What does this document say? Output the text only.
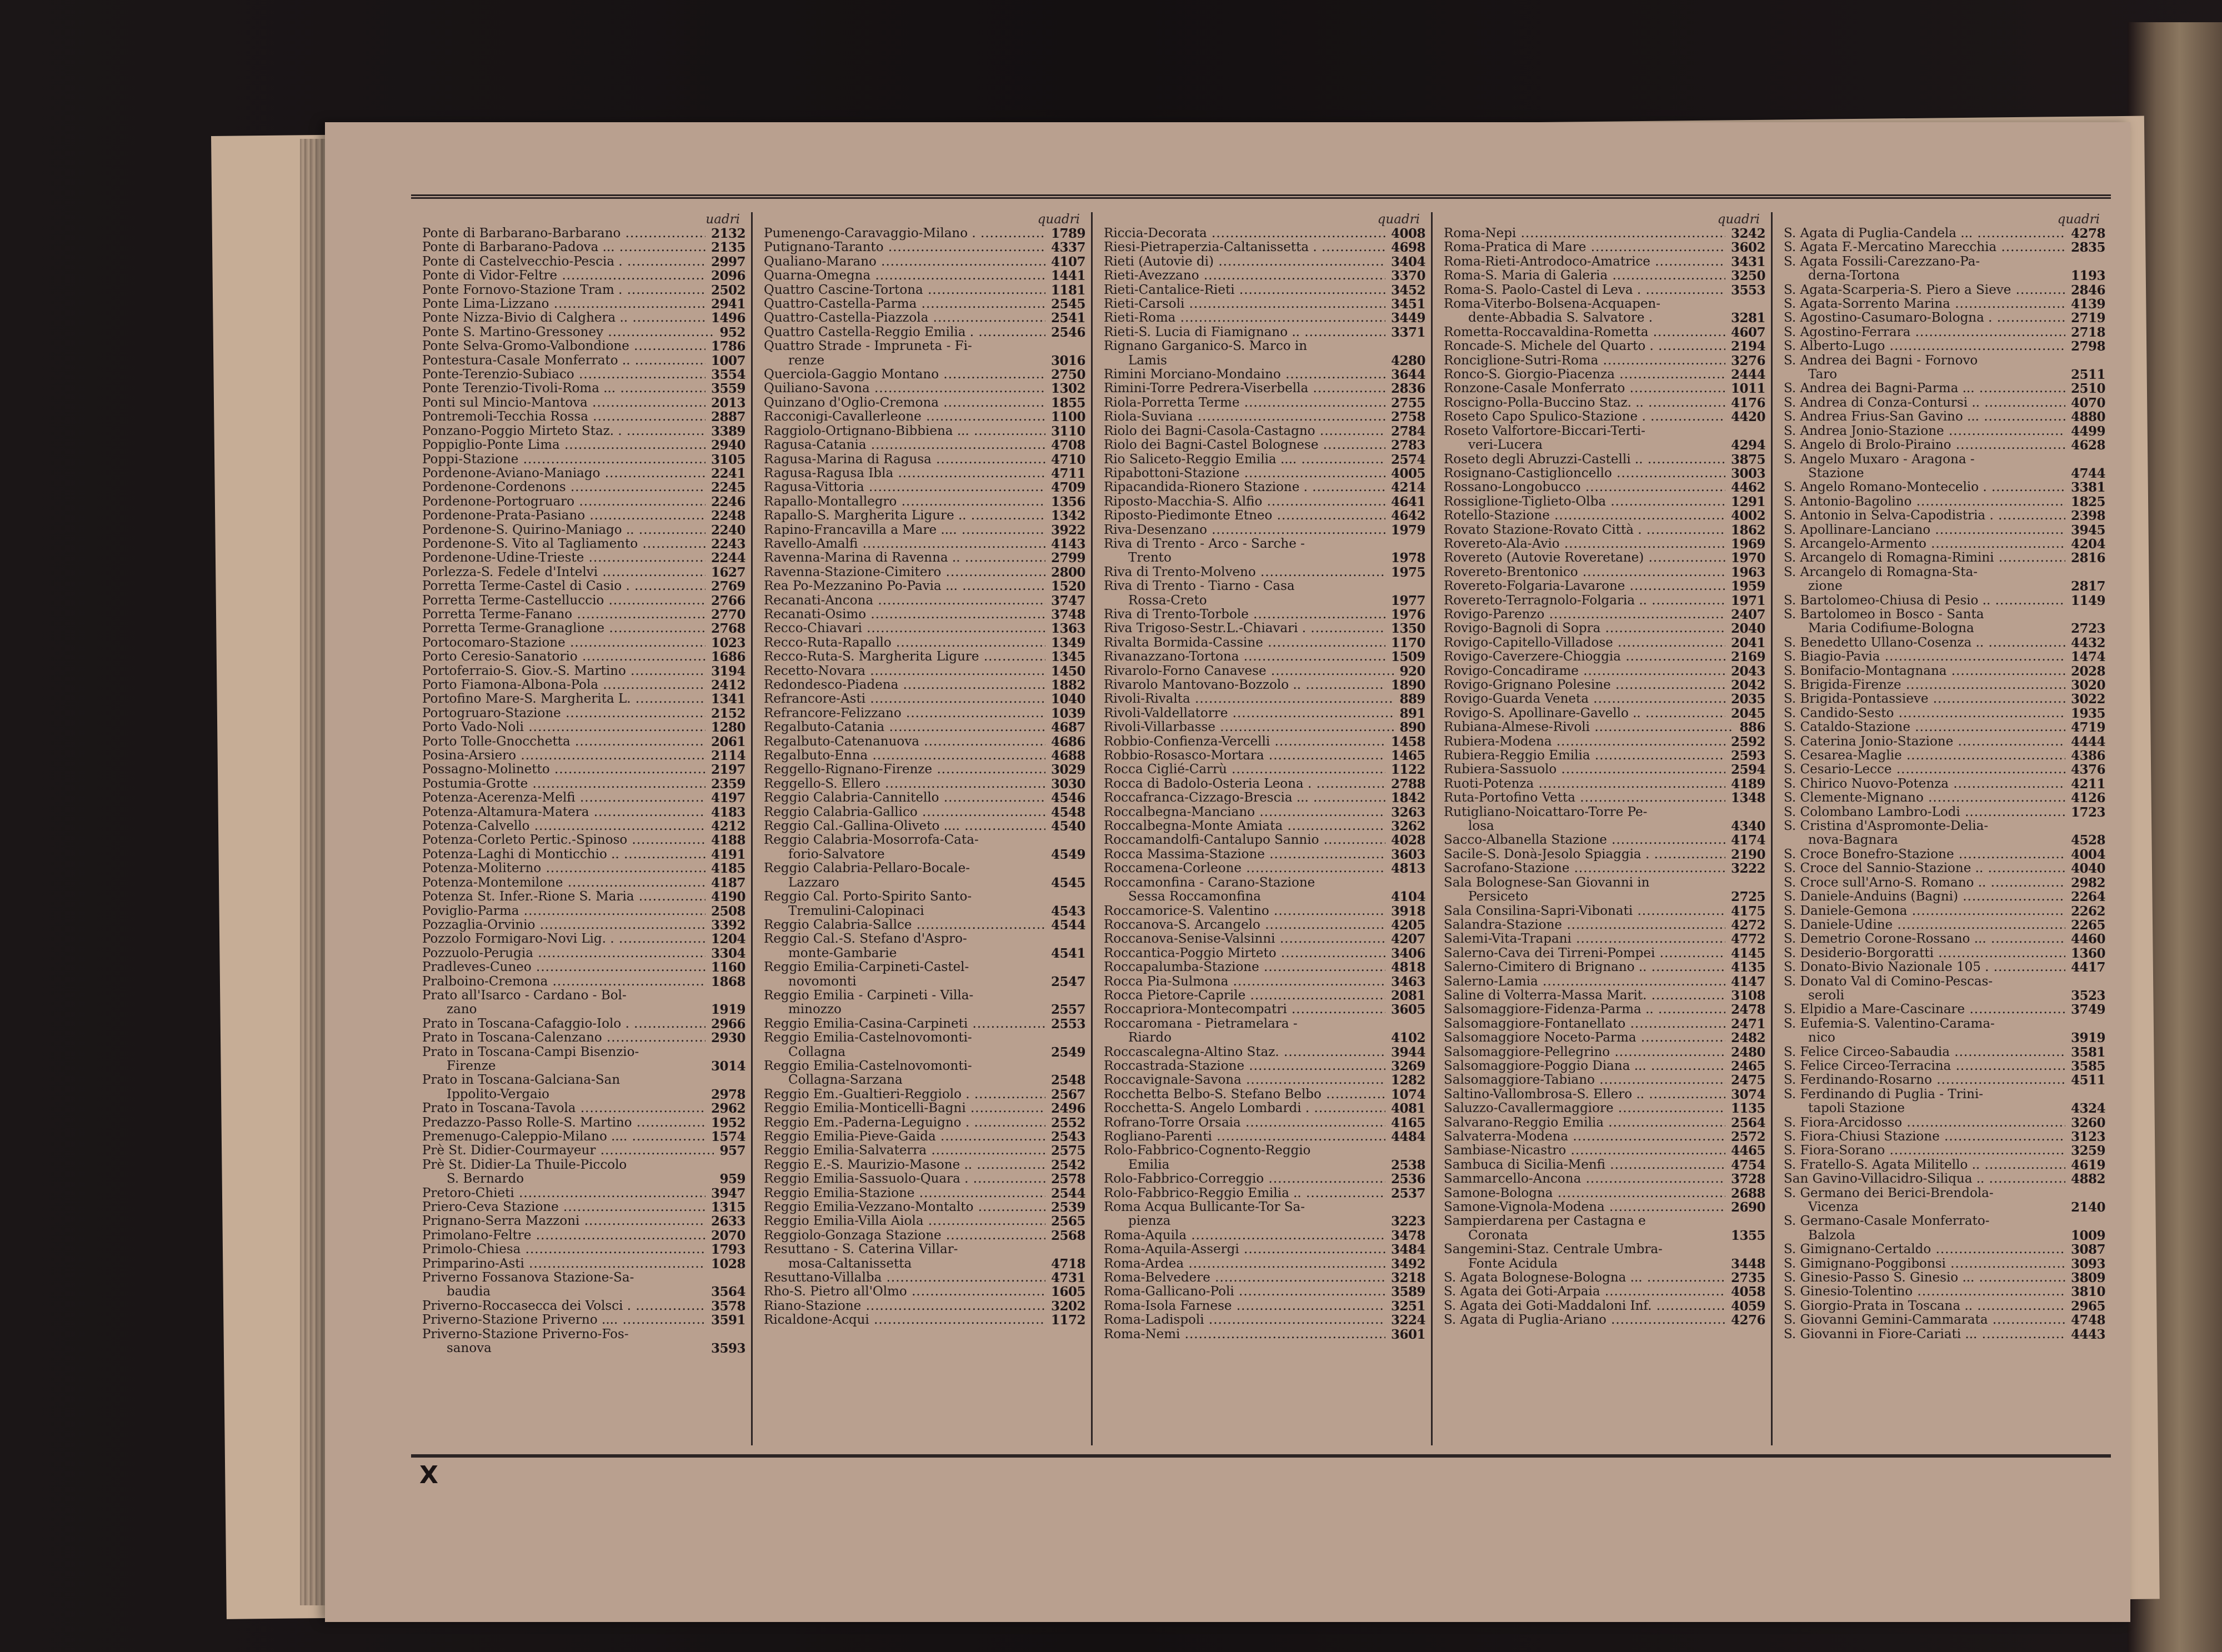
uadri
Ponte di Barbarano-Barbarano .....	2132
Ponte di Barbarano-Padova ... .....	2135
Ponte di Castelvecchio-Pescia . .....	2997
Ponte di Vidor-Feltre .....	2096
Ponte Fornovo-Stazione Tram . .....	2502
Ponte Lima-Lizzano .....	2941
Ponte Nizza-Bivio di Calghera .. .....	1496
Ponte S. Martino-Gressoney .....	952
Ponte Selva-Gromo-Valbondione .....	1786
Pontestura-Casale Monferrato .. .....	1007
Ponte-Terenzio-Subiaco .....	3554
Ponte Terenzio-Tivoli-Roma ... .....	3559
Ponti sul Mincio-Mantova .....	2013
Pontremoli-Tecchia Rossa .....	2887
Ponzano-Poggio Mirteto Staz. . .....	3389
Poppiglio-Ponte Lima .....	2940
Poppi-Stazione .....	3105
Pordenone-Aviano-Maniago .....	2241
Pordenone-Cordenons .....	2245
Pordenone-Portogruaro .....	2246
Pordenone-Prata-Pasiano .....	2248
Pordenone-S. Quirino-Maniago .. .....	2240
Pordenone-S. Vito al Tagliamento .....	2243
Pordenone-Udine-Trieste .....	2244
Porlezza-S. Fedele d'Intelvi .....	1627
Porretta Terme-Castel di Casio . .....	2769
Porretta Terme-Castelluccio .....	2766
Porretta Terme-Fanano .....	2770
Porretta Terme-Granaglione .....	2768
Portocomaro-Stazione .....	1023
Porto Ceresio-Sanatorio .....	1686
Portoferraio-S. Giov.-S. Martino .....	3194
Porto Fiamona-Albona-Pola .....	2412
Portofino Mare-S. Margherita L. .....	1341
Portogruaro-Stazione .....	2152
Porto Vado-Noli .....	1280
Porto Tolle-Gnocchetta .....	2061
Posina-Arsiero .....	2114
Possagno-Molinetto .....	2197
Postumia-Grotte .....	2359
Potenza-Acerenza-Melfi .....	4197
Potenza-Altamura-Matera .....	4183
Potenza-Calvello .....	4212
Potenza-Corleto Pertic.-Spinoso .....	4188
Potenza-Laghi di Monticchio .. .....	4191
Potenza-Moliterno .....	4185
Potenza-Montemilone .....	4187
Potenza St. Infer.-Rione S. Maria .....	4190
Poviglio-Parma .....	2508
Pozzaglia-Orvinio .....	3392
Pozzolo Formigaro-Novi Lig. . .....	1204
Pozzuolo-Perugia .....	3304
Pradleves-Cuneo .....	1160
Pralboino-Cremona .....	1868
Prato all'Isarco - Cardano - Bol-
zano	1919
Prato in Toscana-Cafaggio-Iolo . .....	2966
Prato in Toscana-Calenzano .....	2930
Prato in Toscana-Campi Bisenzio-
Firenze	3014
Prato in Toscana-Galciana-San
Ippolito-Vergaio	2978
Prato in Toscana-Tavola .....	2962
Predazzo-Passo Rolle-S. Martino .....	1952
Premenugo-Caleppio-Milano .... .....	1574
Prè St. Didier-Courmayeur .....	957
Prè St. Didier-La Thuile-Piccolo
S. Bernardo	959
Pretoro-Chieti .....	3947
Priero-Ceva Stazione .....	1315
Prignano-Serra Mazzoni .....	2633
Primolano-Feltre .....	2070
Primolo-Chiesa .....	1793
Primparino-Asti .....	1028
Priverno Fossanova Stazione-Sa-
baudia	3564
Priverno-Roccasecca dei Volsci . .....	3578
Priverno-Stazione Priverno .... .....	3591
Priverno-Stazione Priverno-Fos-
sanova	3593
quadri
Pumenengo-Caravaggio-Milano . .....	1789
Putignano-Taranto .....	4337
Qualiano-Marano .....	4107
Quarna-Omegna .....	1441
Quattro Cascine-Tortona .....	1181
Quattro-Castella-Parma .....	2545
Quattro-Castella-Piazzola .....	2541
Quattro Castella-Reggio Emilia . .....	2546
Quattro Strade - Impruneta - Fi-
renze	3016
Querciola-Gaggio Montano .....	2750
Quiliano-Savona .....	1302
Quinzano d'Oglio-Cremona .....	1855
Racconigi-Cavallerleone .....	1100
Raggiolo-Ortignano-Bibbiena ... .....	3110
Ragusa-Catania .....	4708
Ragusa-Marina di Ragusa .....	4710
Ragusa-Ragusa Ibla .....	4711
Ragusa-Vittoria .....	4709
Rapallo-Montallegro .....	1356
Rapallo-S. Margherita Ligure .. .....	1342
Rapino-Francavilla a Mare .... .....	3922
Ravello-Amalfi .....	4143
Ravenna-Marina di Ravenna .. .....	2799
Ravenna-Stazione-Cimitero .....	2800
Rea Po-Mezzanino Po-Pavia ... .....	1520
Recanati-Ancona .....	3747
Recanati-Osimo .....	3748
Recco-Chiavari .....	1363
Recco-Ruta-Rapallo .....	1349
Recco-Ruta-S. Margherita Ligure .....	1345
Recetto-Novara .....	1450
Redondesco-Piadena .....	1882
Refrancore-Asti .....	1040
Refrancore-Felizzano .....	1039
Regalbuto-Catania .....	4687
Regalbuto-Catenanuova .....	4686
Regalbuto-Enna .....	4688
Reggello-Rignano-Firenze .....	3029
Reggello-S. Ellero .....	3030
Reggio Calabria-Cannitello .....	4546
Reggio Calabria-Gallico .....	4548
Reggio Cal.-Gallina-Oliveto .... .....	4540
Reggio Calabria-Mosorrofa-Cata-
forio-Salvatore	4549
Reggio Calabria-Pellaro-Bocale-
Lazzaro	4545
Reggio Cal. Porto-Spirito Santo-
Tremulini-Calopinaci	4543
Reggio Calabria-Sallce .....	4544
Reggio Cal.-S. Stefano d'Aspro-
monte-Gambarie	4541
Reggio Emilia-Carpineti-Castel-
novomonti	2547
Reggio Emilia - Carpineti - Villa-
minozzo	2557
Reggio Emilia-Casina-Carpineti .....	2553
Reggio Emilia-Castelnovomonti-
Collagna	2549
Reggio Emilia-Castelnovomonti-
Collagna-Sarzana	2548
Reggio Em.-Gualtieri-Reggiolo . .....	2567
Reggio Emilia-Monticelli-Bagni .....	2496
Reggio Em.-Paderna-Leguigno . .....	2552
Reggio Emilia-Pieve-Gaida .....	2543
Reggio Emilia-Salvaterra .....	2575
Reggio E.-S. Maurizio-Masone .. .....	2542
Reggio Emilia-Sassuolo-Quara . .....	2578
Reggio Emilia-Stazione .....	2544
Reggio Emilia-Vezzano-Montalto .....	2539
Reggio Emilia-Villa Aiola .....	2565
Reggiolo-Gonzaga Stazione .....	2568
Resuttano - S. Caterina Villar-
mosa-Caltanissetta	4718
Resuttano-Villalba .....	4731
Rho-S. Pietro all'Olmo .....	1605
Riano-Stazione .....	3202
Ricaldone-Acqui .....	1172
quadri
Riccia-Decorata .....	4008
Riesi-Pietraperzia-Caltanissetta . .....	4698
Rieti (Autovie di) .....	3404
Rieti-Avezzano .....	3370
Rieti-Cantalice-Rieti .....	3452
Rieti-Carsoli .....	3451
Rieti-Roma .....	3449
Rieti-S. Lucia di Fiamignano .. .....	3371
Rignano Garganico-S. Marco in
Lamis	4280
Rimini Morciano-Mondaino .....	3644
Rimini-Torre Pedrera-Viserbella .....	2836
Riola-Porretta Terme .....	2755
Riola-Suviana .....	2758
Riolo dei Bagni-Casola-Castagno .....	2784
Riolo dei Bagni-Castel Bolognese .....	2783
Rio Saliceto-Reggio Emilia .... .....	2574
Ripabottoni-Stazione .....	4005
Ripacandida-Rionero Stazione . .....	4214
Riposto-Macchia-S. Alfio .....	4641
Riposto-Piedimonte Etneo .....	4642
Riva-Desenzano .....	1979
Riva di Trento - Arco - Sarche -
Trento	1978
Riva di Trento-Molveno .....	1975
Riva di Trento - Tiarno - Casa
Rossa-Creto	1977
Riva di Trento-Torbole .....	1976
Riva Trigoso-Sestr.L.-Chiavari . .....	1350
Rivalta Bormida-Cassine .....	1170
Rivanazzano-Tortona .....	1509
Rivarolo-Forno Canavese .....	920
Rivarolo Mantovano-Bozzolo .. .....	1890
Rivoli-Rivalta .....	889
Rivoli-Valdellatorre .....	891
Rivoli-Villarbasse .....	890
Robbio-Confienza-Vercelli .....	1458
Robbio-Rosasco-Mortara .....	1465
Rocca Ciglié-Carrù .....	1122
Rocca di Badolo-Osteria Leona . .....	2788
Roccafranca-Cizzago-Brescia ... .....	1842
Roccalbegna-Manciano .....	3263
Roccalbegna-Monte Amiata .....	3262
Roccamandolfi-Cantalupo Sannio .....	4028
Rocca Massima-Stazione .....	3603
Roccamena-Corleone .....	4813
Roccamonfina - Carano-Stazione
Sessa Roccamonfina	4104
Roccamorice-S. Valentino .....	3918
Roccanova-S. Arcangelo .....	4205
Roccanova-Senise-Valsinni .....	4207
Roccantica-Poggio Mirteto .....	3406
Roccapalumba-Stazione .....	4818
Rocca Pia-Sulmona .....	3463
Rocca Pietore-Caprile .....	2081
Roccapriora-Montecompatri .....	3605
Roccaromana - Pietramelara -
Riardo	4102
Roccascalegna-Altino Staz. .....	3944
Roccastrada-Stazione .....	3269
Roccavignale-Savona .....	1282
Rocchetta Belbo-S. Stefano Belbo .....	1074
Rocchetta-S. Angelo Lombardi . .....	4081
Rofrano-Torre Orsaia .....	4165
Rogliano-Parenti .....	4484
Rolo-Fabbrico-Cognento-Reggio
Emilia	2538
Rolo-Fabbrico-Correggio .....	2536
Rolo-Fabbrico-Reggio Emilia .. .....	2537
Roma Acqua Bullicante-Tor Sa-
pienza	3223
Roma-Aquila .....	3478
Roma-Aquila-Assergi .....	3484
Roma-Ardea .....	3492
Roma-Belvedere .....	3218
Roma-Gallicano-Poli .....	3589
Roma-Isola Farnese .....	3251
Roma-Ladispoli .....	3224
Roma-Nemi .....	3601
quadri
Roma-Nepi .....	3242
Roma-Pratica di Mare .....	3602
Roma-Rieti-Antrodoco-Amatrice .....	3431
Roma-S. Maria di Galeria .....	3250
Roma-S. Paolo-Castel di Leva . .....	3553
Roma-Viterbo-Bolsena-Acquapen-
dente-Abbadia S. Salvatore .	3281
Rometta-Roccavaldina-Rometta .....	4607
Roncade-S. Michele del Quarto . .....	2194
Ronciglione-Sutri-Roma .....	3276
Ronco-S. Giorgio-Piacenza .....	2444
Ronzone-Casale Monferrato .....	1011
Roscigno-Polla-Buccino Staz. .. .....	4176
Roseto Capo Spulico-Stazione . .....	4420
Roseto Valfortore-Biccari-Terti-
veri-Lucera	4294
Roseto degli Abruzzi-Castelli .. .....	3875
Rosignano-Castiglioncello .....	3003
Rossano-Longobucco .....	4462
Rossiglione-Tiglieto-Olba .....	1291
Rotello-Stazione .....	4002
Rovato Stazione-Rovato Città . .....	1862
Rovereto-Ala-Avio .....	1969
Rovereto (Autovie Roveretane) .....	1970
Rovereto-Brentonico .....	1963
Rovereto-Folgaria-Lavarone .....	1959
Rovereto-Terragnolo-Folgaria .. .....	1971
Rovigo-Parenzo .....	2407
Rovigo-Bagnoli di Sopra .....	2040
Rovigo-Capitello-Villadose .....	2041
Rovigo-Caverzere-Chioggia .....	2169
Rovigo-Concadirame .....	2043
Rovigo-Grignano Polesine .....	2042
Rovigo-Guarda Veneta .....	2035
Rovigo-S. Apollinare-Gavello .. .....	2045
Rubiana-Almese-Rivoli .....	886
Rubiera-Modena .....	2592
Rubiera-Reggio Emilia .....	2593
Rubiera-Sassuolo .....	2594
Ruoti-Potenza .....	4189
Ruta-Portofino Vetta .....	1348
Rutigliano-Noicattaro-Torre Pe-
losa	4340
Sacco-Albanella Stazione .....	4174
Sacile-S. Donà-Jesolo Spiaggia . .....	2190
Sacrofano-Stazione .....	3222
Sala Bolognese-San Giovanni in
Persiceto	2725
Sala Consilina-Sapri-Vibonati .....	4175
Salandra-Stazione .....	4272
Salemi-Vita-Trapani .....	4772
Salerno-Cava dei Tirreni-Pompei .....	4145
Salerno-Cimitero di Brignano .. .....	4135
Salerno-Lamia .....	4147
Saline di Volterra-Massa Marit. .....	3108
Salsomaggiore-Fidenza-Parma .. .....	2478
Salsomaggiore-Fontanellato .....	2471
Salsomaggiore Noceto-Parma .....	2482
Salsomaggiore-Pellegrino .....	2480
Salsomaggiore-Poggio Diana ... .....	2465
Salsomaggiore-Tabiano .....	2475
Saltino-Vallombrosa-S. Ellero .. .....	3074
Saluzzo-Cavallermaggiore .....	1135
Salvarano-Reggio Emilia .....	2564
Salvaterra-Modena .....	2572
Sambiase-Nicastro .....	4465
Sambuca di Sicilia-Menfi .....	4754
Sammarcello-Ancona .....	3728
Samone-Bologna .....	2688
Samone-Vignola-Modena .....	2690
Sampierdarena per Castagna e
Coronata	1355
Sangemini-Staz. Centrale Umbra-
Fonte Acidula	3448
S. Agata Bolognese-Bologna ... .....	2735
S. Agata dei Goti-Arpaia .....	4058
S. Agata dei Goti-Maddaloni Inf. .....	4059
S. Agata di Puglia-Ariano .....	4276
quadri
S. Agata di Puglia-Candela ... .....	4278
S. Agata F.-Mercatino Marecchia .....	2835
S. Agata Fossili-Carezzano-Pa-
derna-Tortona	1193
S. Agata-Scarperia-S. Piero a Sieve .....	2846
S. Agata-Sorrento Marina .....	4139
S. Agostino-Casumaro-Bologna . .....	2719
S. Agostino-Ferrara .....	2718
S. Alberto-Lugo .....	2798
S. Andrea dei Bagni - Fornovo
Taro	2511
S. Andrea dei Bagni-Parma ... .....	2510
S. Andrea di Conza-Contursi .. .....	4070
S. Andrea Frius-San Gavino ... .....	4880
S. Andrea Jonio-Stazione .....	4499
S. Angelo di Brolo-Piraino .....	4628
S. Angelo Muxaro - Aragona -
Stazione	4744
S. Angelo Romano-Montecelio . .....	3381
S. Antonio-Bagolino .....	1825
S. Antonio in Selva-Capodistria . .....	2398
S. Apollinare-Lanciano .....	3945
S. Arcangelo-Armento .....	4204
S. Arcangelo di Romagna-Rimini .....	2816
S. Arcangelo di Romagna-Sta-
zione	2817
S. Bartolomeo-Chiusa di Pesio .. .....	1149
S. Bartolomeo in Bosco - Santa
Maria Codifiume-Bologna	2723
S. Benedetto Ullano-Cosenza .. .....	4432
S. Biagio-Pavia .....	1474
S. Bonifacio-Montagnana .....	2028
S. Brigida-Firenze .....	3020
S. Brigida-Pontassieve .....	3022
S. Candido-Sesto .....	1935
S. Cataldo-Stazione .....	4719
S. Caterina Jonio-Stazione .....	4444
S. Cesarea-Maglie .....	4386
S. Cesario-Lecce .....	4376
S. Chirico Nuovo-Potenza .....	4211
S. Clemente-Mignano .....	4126
S. Colombano Lambro-Lodi .....	1723
S. Cristina d'Aspromonte-Delia-
nova-Bagnara	4528
S. Croce Bonefro-Stazione .....	4004
S. Croce del Sannio-Stazione .. .....	4040
S. Croce sull'Arno-S. Romano .. .....	2982
S. Daniele-Anduins (Bagni) .....	2264
S. Daniele-Gemona .....	2262
S. Daniele-Udine .....	2265
S. Demetrio Corone-Rossano ... .....	4460
S. Desiderio-Borgoratti .....	1360
S. Donato-Bivio Nazionale 105 . .....	4417
S. Donato Val di Comino-Pescas-
seroli	3523
S. Elpidio a Mare-Cascinare .....	3749
S. Eufemia-S. Valentino-Carama-
nico	3919
S. Felice Circeo-Sabaudia .....	3581
S. Felice Circeo-Terracina .....	3585
S. Ferdinando-Rosarno .....	4511
S. Ferdinando di Puglia - Trini-
tapoli Stazione	4324
S. Fiora-Arcidosso .....	3260
S. Fiora-Chiusi Stazione .....	3123
S. Fiora-Sorano .....	3259
S. Fratello-S. Agata Militello .. .....	4619
San Gavino-Villacidro-Siliqua .. .....	4882
S. Germano dei Berici-Brendola-
Vicenza	2140
S. Germano-Casale Monferrato-
Balzola	1009
S. Gimignano-Certaldo .....	3087
S. Gimignano-Poggibonsi .....	3093
S. Ginesio-Passo S. Ginesio ... .....	3809
S. Ginesio-Tolentino .....	3810
S. Giorgio-Prata in Toscana .. .....	2965
S. Giovanni Gemini-Cammarata .....	4748
S. Giovanni in Fiore-Cariati ... .....	4443
X
